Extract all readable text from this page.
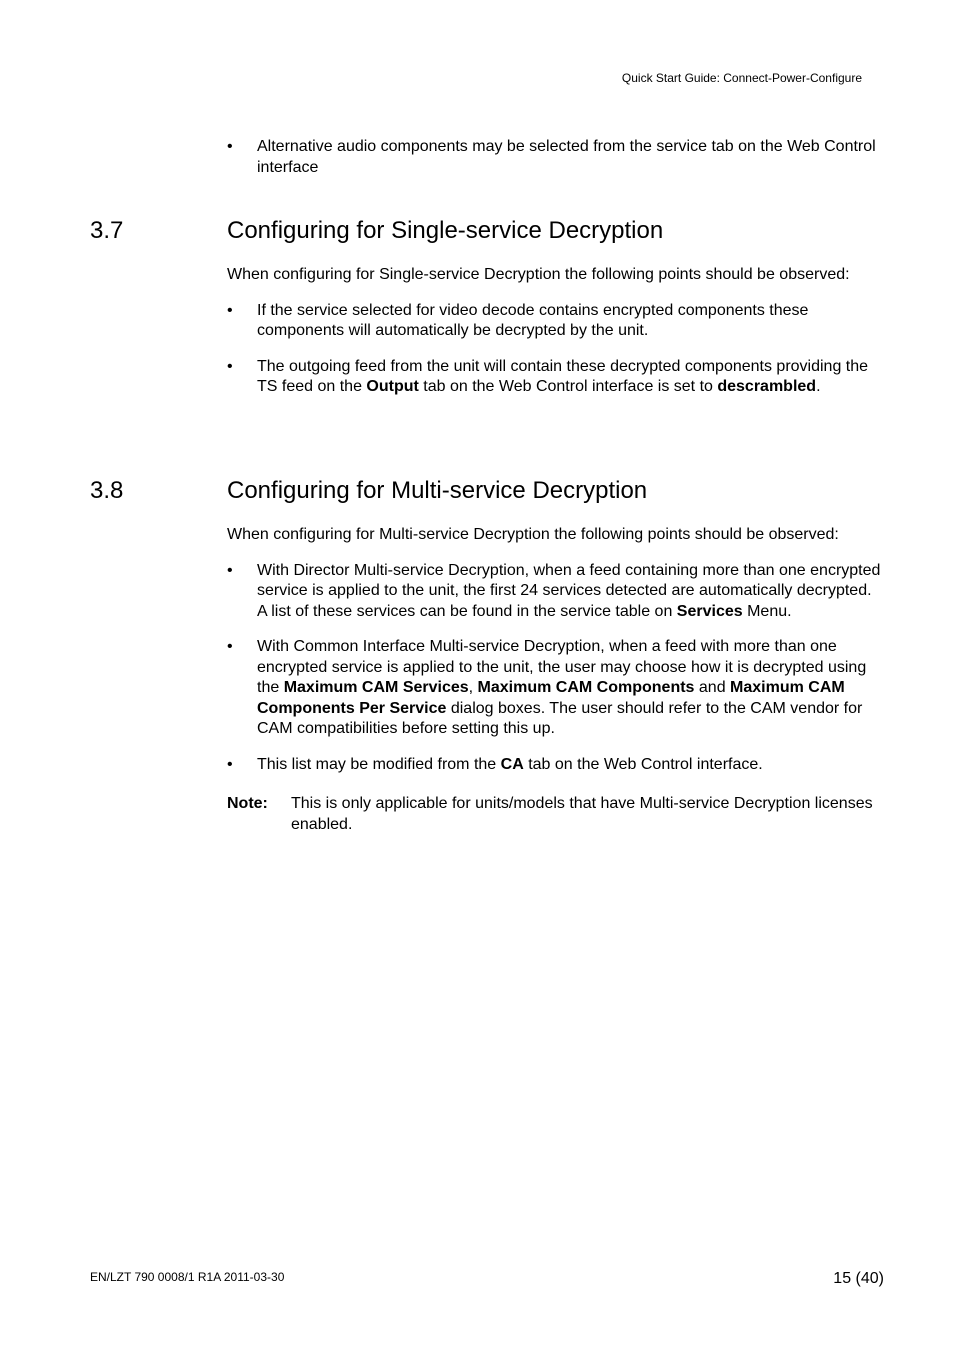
Quick Start Guide: Connect-Power-Configure
• Alternative audio components may be selected from the service tab on the Web Control interface
3.7	Configuring for Single-service Decryption

When configuring for Single-service Decryption the following points should be observed:

• If the service selected for video decode contains encrypted components these components will automatically be decrypted by the unit.
• The outgoing feed from the unit will contain these decrypted components providing the TS feed on the Output tab on the Web Control interface is set to descrambled.
3.8	Configuring for Multi-service Decryption

When configuring for Multi-service Decryption the following points should be observed:

• With Director Multi-service Decryption, when a feed containing more than one encrypted service is applied to the unit, the first 24 services detected are automatically decrypted. A list of these services can be found in the service table on Services Menu.
• With Common Interface Multi-service Decryption, when a feed with more than one encrypted service is applied to the unit, the user may choose how it is decrypted using the Maximum CAM Services, Maximum CAM Components and Maximum CAM Components Per Service dialog boxes. The user should refer to the CAM vendor for CAM compatibilities before setting this up.
• This list may be modified from the CA tab on the Web Control interface.
Note: This is only applicable for units/models that have Multi-service Decryption licenses enabled.
EN/LZT 790 0008/1 R1A 2011-03-30	15 (40)
